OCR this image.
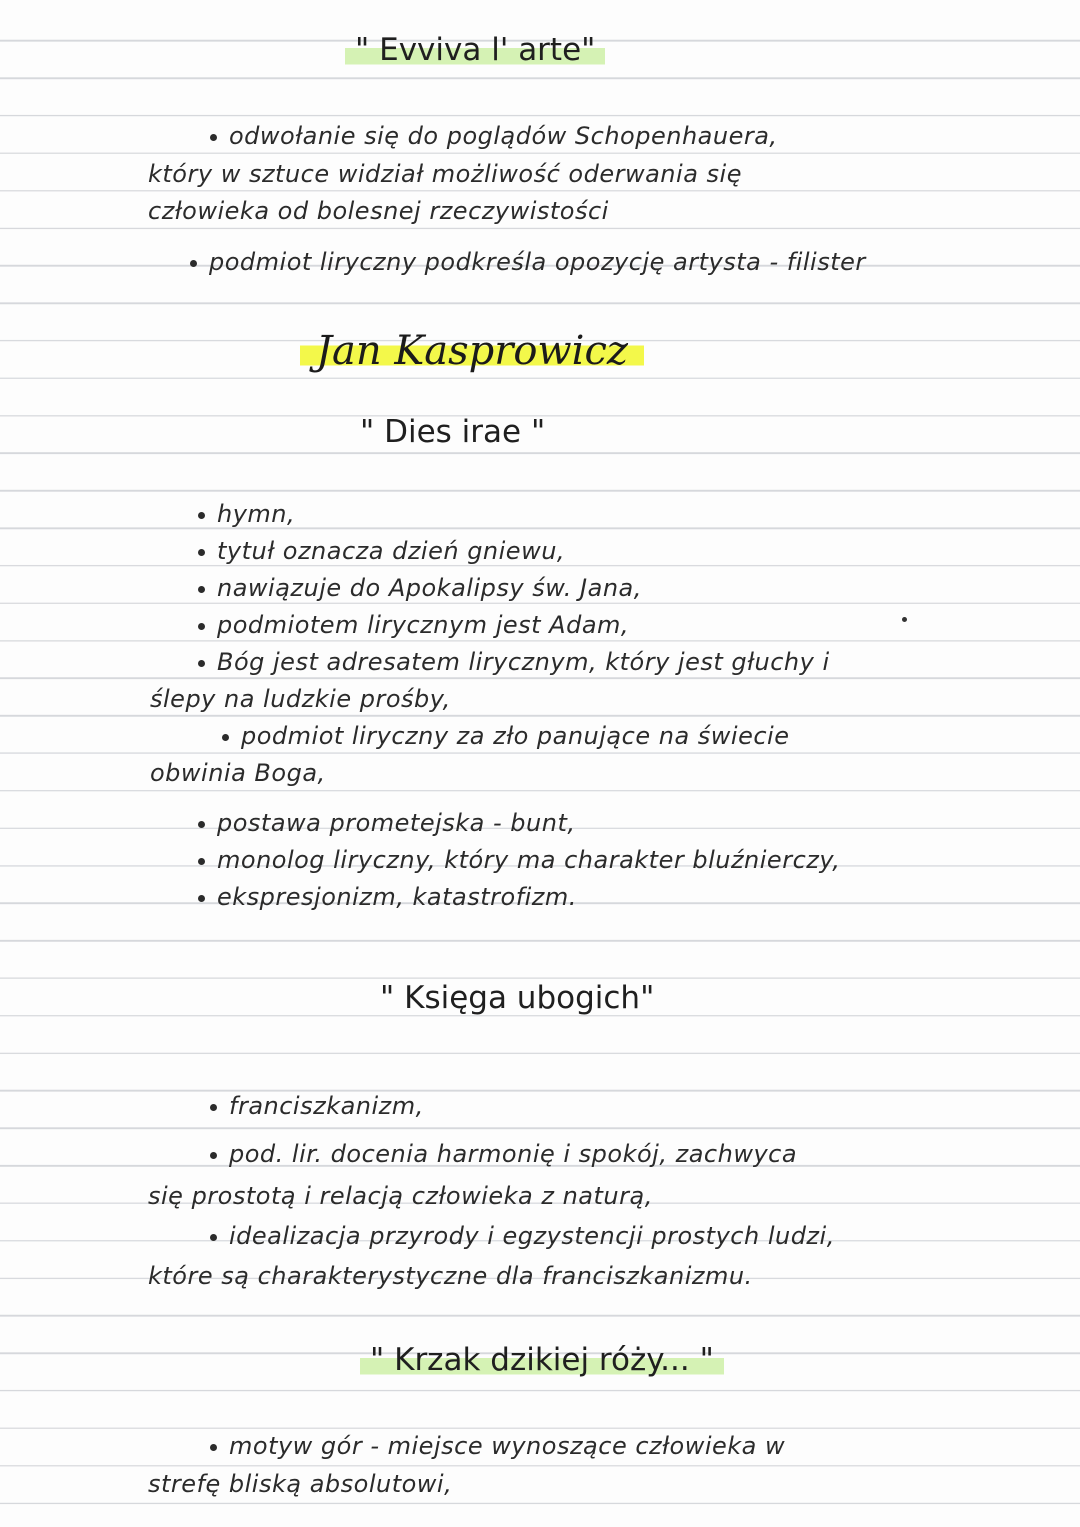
" Evviva l' arte"
odwołanie się do poglądów Schopenhauera,
który w sztuce widział możliwość oderwania się
człowieka od bolesnej rzeczywistości
podmiot liryczny podkreśla opozycję artysta - filister
Jan Kasprowicz
" Dies irae "
hymn,
tytuł oznacza dzień gniewu,
nawiązuje do Apokalipsy św. Jana,
podmiotem lirycznym jest Adam,
Bóg jest adresatem lirycznym, który jest głuchy i
ślepy na ludzkie prośby,
podmiot liryczny za zło panujące na świecie
obwinia Boga,
postawa prometejska - bunt,
monolog liryczny, który ma charakter bluźnierczy,
ekspresjonizm, katastrofizm.
" Księga ubogich"
franciszkanizm,
pod. lir. docenia harmonię i spokój, zachwyca
się prostotą i relacją człowieka z naturą,
idealizacja przyrody i egzystencji prostych ludzi,
które są charakterystyczne dla franciszkanizmu.
" Krzak dzikiej róży... "
motyw gór - miejsce wynoszące człowieka w
strefę bliską absolutowi,
